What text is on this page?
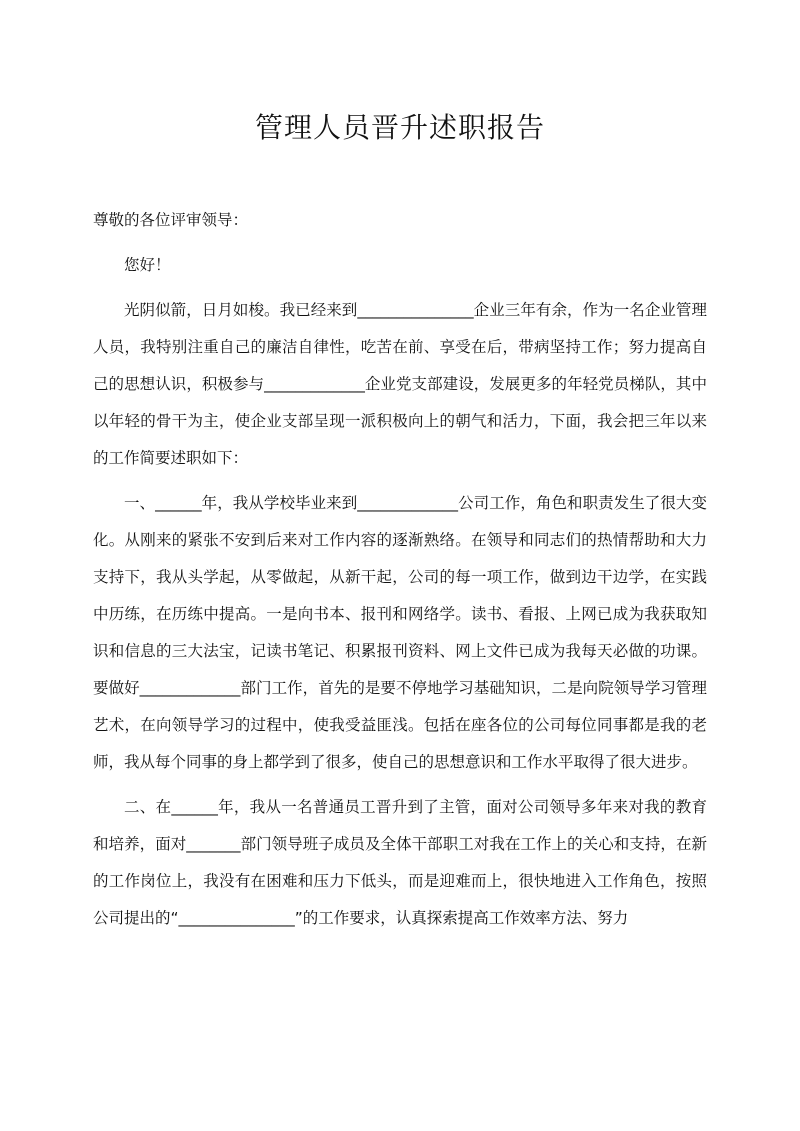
管理人员晋升述职报告

尊敬的各位评审领导：

您好！

光阴似箭，日月如梭。我已经来到_______________企业三年有余，作为一名企业管理人员，我特别注重自己的廉洁自律性，吃苦在前、享受在后，带病坚持工作；努力提高自己的思想认识，积极参与_____________企业党支部建设，发展更多的年轻党员梯队，其中以年轻的骨干为主，使企业支部呈现一派积极向上的朝气和活力，下面，我会把三年以来的工作简要述职如下：

一、______年，我从学校毕业来到_____________公司工作，角色和职责发生了很大变化。从刚来的紧张不安到后来对工作内容的逐渐熟络。在领导和同志们的热情帮助和大力支持下，我从头学起，从零做起，从新干起，公司的每一项工作，做到边干边学，在实践中历练，在历练中提高。一是向书本、报刊和网络学。读书、看报、上网已成为我获取知识和信息的三大法宝，记读书笔记、积累报刊资料、网上文件已成为我每天必做的功课。要做好_____________部门工作，首先的是要不停地学习基础知识，二是向院领导学习管理艺术，在向领导学习的过程中，使我受益匪浅。包括在座各位的公司每位同事都是我的老师，我从每个同事的身上都学到了很多，使自己的思想意识和工作水平取得了很大进步。

二、在______年，我从一名普通员工晋升到了主管，面对公司领导多年来对我的教育和培养，面对_______部门领导班子成员及全体干部职工对我在工作上的关心和支持，在新的工作岗位上，我没有在困难和压力下低头，而是迎难而上，很快地进入工作角色，按照公司提出的“_______________”的工作要求，认真探索提高工作效率方法、努力
